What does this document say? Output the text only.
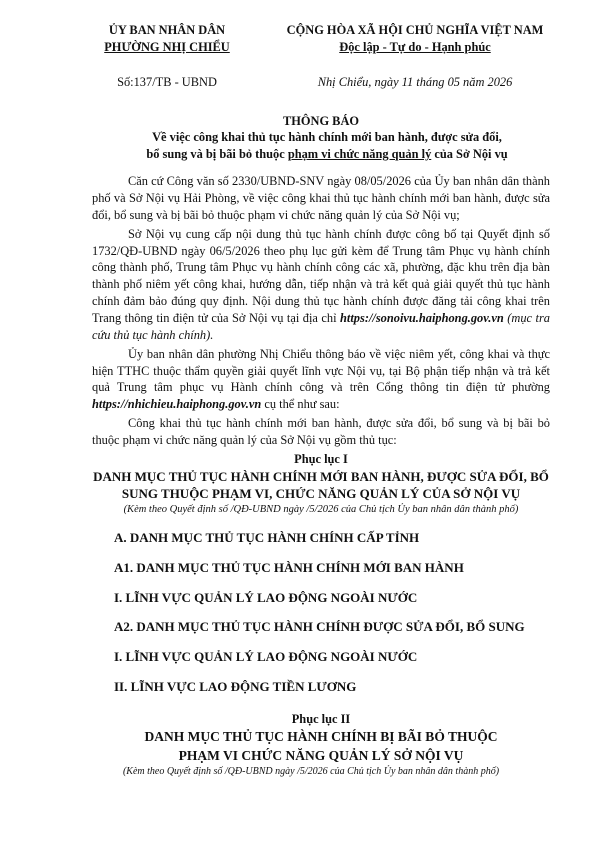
ỦY BAN NHÂN DÂN
PHƯỜNG NHỊ CHIỂU
CỘNG HÒA XÃ HỘI CHỦ NGHĨA VIỆT NAM
Độc lập - Tự do - Hạnh phúc
Số:137/TB - UBND	Nhị Chiểu, ngày 11 tháng 05 năm 2026
THÔNG BÁO
Về việc công khai thủ tục hành chính mới ban hành, được sửa đổi,
bổ sung và bị bãi bỏ thuộc phạm vi chức năng quản lý của Sở Nội vụ

Căn cứ Công văn số 2330/UBND-SNV ngày 08/05/2026 của Ủy ban nhân dân thành phố và Sở Nội vụ Hải Phòng, về việc công khai thủ tục hành chính mới ban hành, được sửa đổi, bổ sung và bị bãi bỏ thuộc phạm vi chức năng quản lý của Sở Nội vụ;

Sở Nội vụ cung cấp nội dung thủ tục hành chính được công bố tại Quyết định số 1732/QĐ-UBND ngày 06/5/2026 theo phụ lục gửi kèm để Trung tâm Phục vụ hành chính công thành phố, Trung tâm Phục vụ hành chính công các xã, phường, đặc khu trên địa bàn thành phố niêm yết công khai, hướng dẫn, tiếp nhận và trả kết quả giải quyết thủ tục hành chính đảm bảo đúng quy định. Nội dung thủ tục hành chính được đăng tải công khai trên Trang thông tin điện tử của Sở Nội vụ tại địa chỉ https://sonoivu.haiphong.gov.vn (mục tra cứu thủ tục hành chính).

Ủy ban nhân dân phường Nhị Chiểu thông báo về việc niêm yết, công khai và thực hiện TTHC thuộc thẩm quyền giải quyết lĩnh vực Nội vụ, tại Bộ phận tiếp nhận và trả kết quả Trung tâm phục vụ Hành chính công và trên Cổng thông tin điện tử phường https://nhichieu.haiphong.gov.vn cụ thể như sau:

Công khai thủ tục hành chính mới ban hành, được sửa đổi, bổ sung và bị bãi bỏ thuộc phạm vi chức năng quản lý của Sở Nội vụ gồm thủ tục:

Phục lục I
DANH MỤC THỦ TỤC HÀNH CHÍNH MỚI BAN HÀNH, ĐƯỢC SỬA ĐỔI, BỔ
SUNG THUỘC PHẠM VI, CHỨC NĂNG QUẢN LÝ CỦA SỞ NỘI VỤ
(Kèm theo Quyết định số /QĐ-UBND ngày /5/2026 của Chủ tịch Ủy ban nhân dân thành phố)
A. DANH MỤC THỦ TỤC HÀNH CHÍNH CẤP TỈNH
A1. DANH MỤC THỦ TỤC HÀNH CHÍNH MỚI BAN HÀNH
I. LĨNH VỰC QUẢN LÝ LAO ĐỘNG NGOÀI NƯỚC
A2. DANH MỤC THỦ TỤC HÀNH CHÍNH ĐƯỢC SỬA ĐỔI, BỔ SUNG
I. LĨNH VỰC QUẢN LÝ LAO ĐỘNG NGOÀI NƯỚC
II. LĨNH VỰC LAO ĐỘNG TIỀN LƯƠNG
Phục lục II
DANH MỤC THỦ TỤC HÀNH CHÍNH BỊ BÃI BỎ THUỘC
PHẠM VI CHỨC NĂNG QUẢN LÝ SỞ NỘI VỤ
(Kèm theo Quyết định số /QĐ-UBND ngày /5/2026 của Chủ tịch Ủy ban nhân dân thành phố)
